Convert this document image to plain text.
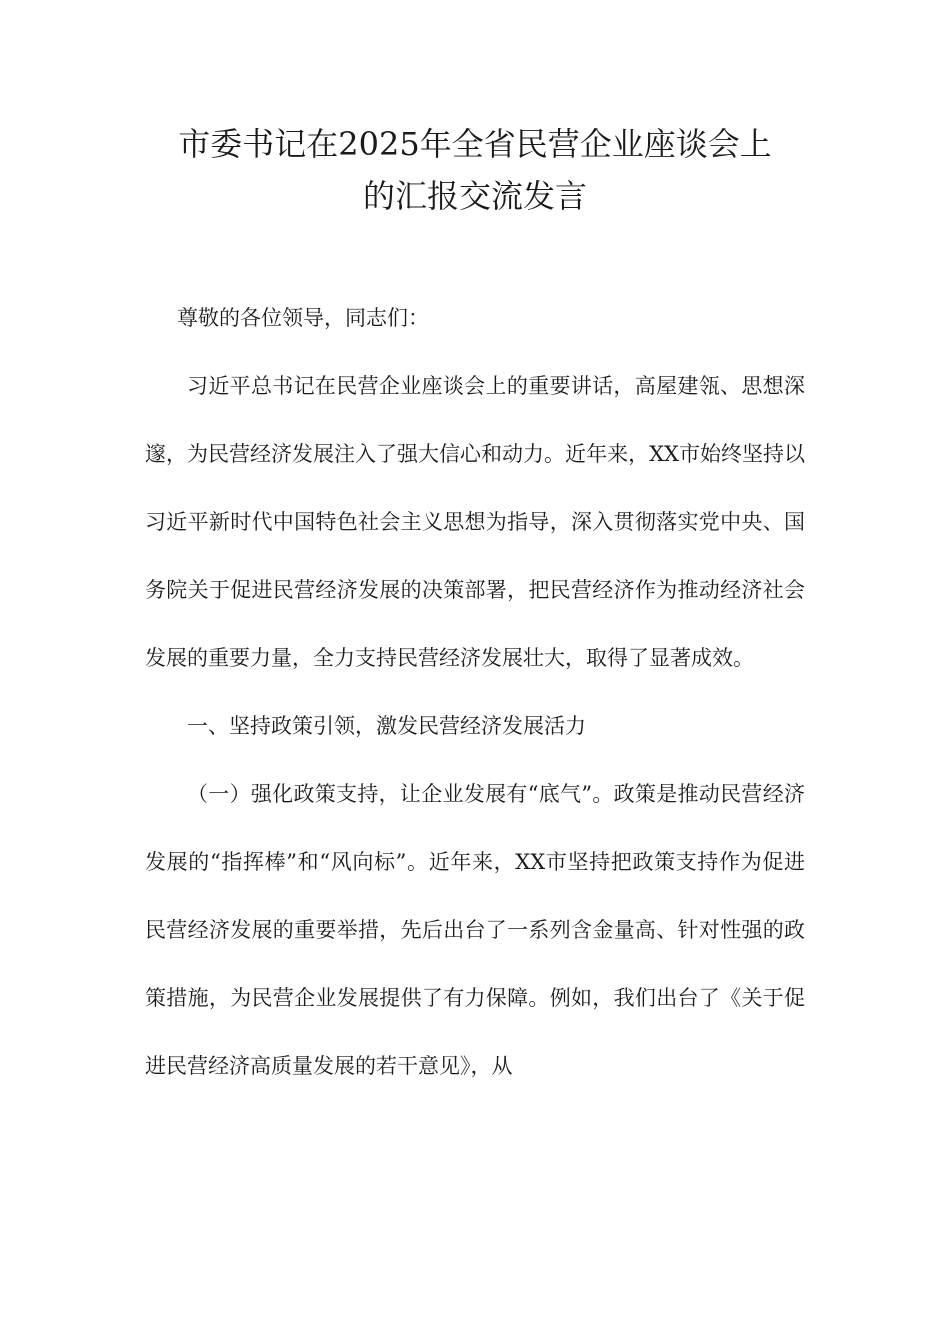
市委书记在2025年全省民营企业座谈会上
的汇报交流发言

尊敬的各位领导，同志们：

习近平总书记在民营企业座谈会上的重要讲话，高屋建瓴、思想深邃，为民营经济发展注入了强大信心和动力。近年来，XX市始终坚持以习近平新时代中国特色社会主义思想为指导，深入贯彻落实党中央、国务院关于促进民营经济发展的决策部署，把民营经济作为推动经济社会发展的重要力量，全力支持民营经济发展壮大，取得了显著成效。

一、坚持政策引领，激发民营经济发展活力

（一）强化政策支持，让企业发展有“底气”。政策是推动民营经济发展的“指挥棒”和“风向标”。近年来，XX市坚持把政策支持作为促进民营经济发展的重要举措，先后出台了一系列含金量高、针对性强的政策措施，为民营企业发展提供了有力保障。例如，我们出台了《关于促进民营经济高质量发展的若干意见》，从
